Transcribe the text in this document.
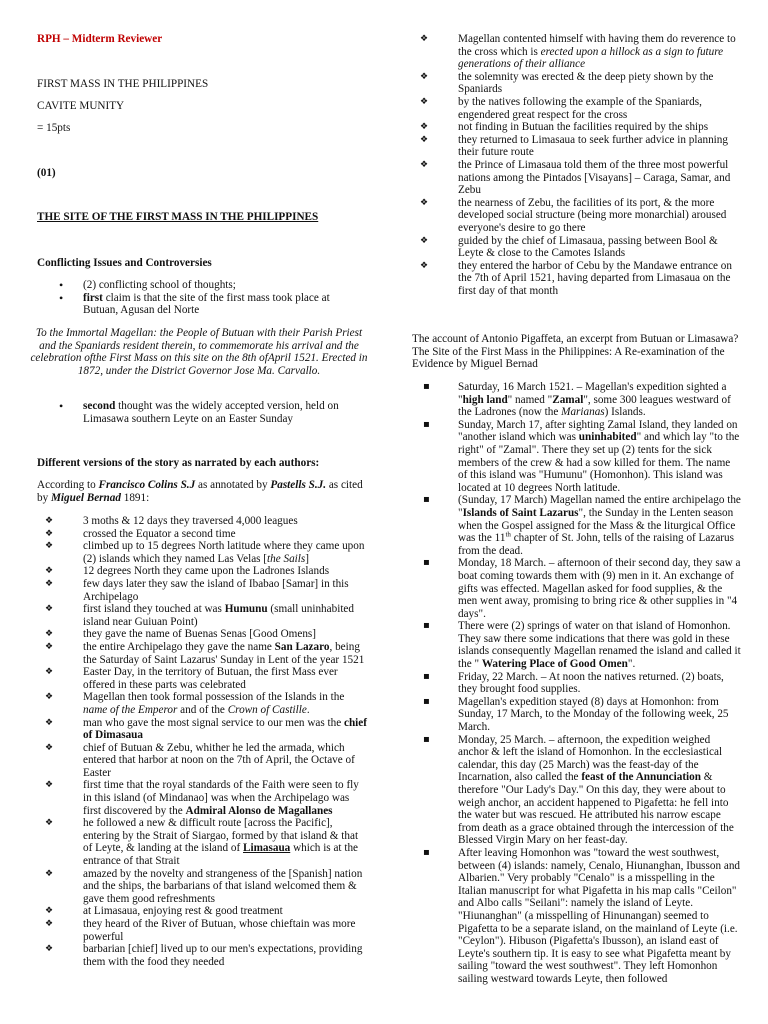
RPH – Midterm Reviewer

FIRST MASS IN THE PHILIPPINES

CAVITE MUNITY

= 15pts

(01)

THE SITE OF THE FIRST MASS IN THE PHILIPPINES

Conflicting Issues and Controversies

• (2) conflicting school of thoughts;
• first claim is that the site of the first mass took place at Butuan, Agusan del Norte

To the Immortal Magellan: the People of Butuan with their Parish Priest and the Spaniards resident therein, to commemorate his arrival and the celebration ofthe First Mass on this site on the 8th ofApril 1521. Erected in 1872, under the District Governor Jose Ma. Carvallo.

• second thought was the widely accepted version, held on Limasawa southern Leyte on an Easter Sunday

Different versions of the story as narrated by each authors:

According to Francisco Colins S.J as annotated by Pastells S.J. as cited by Miguel Bernad 1891:

❖ 3 moths & 12 days they traversed 4,000 leagues
❖ crossed the Equator a second time
❖ climbed up to 15 degrees North latitude where they came upon (2) islands which they named Las Velas [the Sails]
❖ 12 degrees North they came upon the Ladrones Islands
❖ few days later they saw the island of Ibabao [Samar] in this Archipelago
❖ first island they touched at was Humunu (small uninhabited island near Guiuan Point)
❖ they gave the name of Buenas Senas [Good Omens]
❖ the entire Archipelago they gave the name San Lazaro, being the Saturday of Saint Lazarus' Sunday in Lent of the year 1521
❖ Easter Day, in the territory of Butuan, the first Mass ever offered in these parts was celebrated
❖ Magellan then took formal possession of the Islands in the name of the Emperor and of the Crown of Castille.
❖ man who gave the most signal service to our men was the chief of Dimasaua
❖ chief of Butuan & Zebu, whither he led the armada, which entered that harbor at noon on the 7th of April, the Octave of Easter
❖ first time that the royal standards of the Faith were seen to fly in this island (of Mindanao] was when the Archipelago was first discovered by the Admiral Alonso de Magallanes
❖ he followed a new & difficult route [across the Pacific], entering by the Strait of Siargao, formed by that island & that of Leyte, & landing at the island of Limasaua which is at the entrance of that Strait
❖ amazed by the novelty and strangeness of the [Spanish] nation and the ships, the barbarians of that island welcomed them & gave them good refreshments
❖ at Limasaua, enjoying rest & good treatment
❖ they heard of the River of Butuan, whose chieftain was more powerful
❖ barbarian [chief] lived up to our men's expectations, providing them with the food they needed
❖ Magellan contented himself with having them do reverence to the cross which is erected upon a hillock as a sign to future generations of their alliance
❖ the solemnity was erected & the deep piety shown by the Spaniards
❖ by the natives following the example of the Spaniards, engendered great respect for the cross
❖ not finding in Butuan the facilities required by the ships
❖ they returned to Limasaua to seek further advice in planning their future route
❖ the Prince of Limasaua told them of the three most powerful nations among the Pintados [Visayans] – Caraga, Samar, and Zebu
❖ the nearness of Zebu, the facilities of its port, & the more developed social structure (being more monarchial) aroused everyone's desire to go there
❖ guided by the chief of Limasaua, passing between Bool & Leyte & close to the Camotes Islands
❖ they entered the harbor of Cebu by the Mandawe entrance on the 7th of April 1521, having departed from Limasaua on the first day of that month

The account of Antonio Pigaffeta, an excerpt from Butuan or Limasawa? The Site of the First Mass in the Philippines: A Re-examination of the Evidence by Miguel Bernad

▪ Saturday, 16 March 1521. – Magellan's expedition sighted a "high land" named "Zamal", some 300 leagues westward of the Ladrones (now the Marianas) Islands.
▪ Sunday, March 17, after sighting Zamal Island, they landed on "another island which was uninhabited" and which lay "to the right" of "Zamal". There they set up (2) tents for the sick members of the crew & had a sow killed for them. The name of this island was "Humunu" (Homonhon). This island was located at 10 degrees North latitude.
▪ (Sunday, 17 March) Magellan named the entire archipelago the "Islands of Saint Lazarus", the Sunday in the Lenten season when the Gospel assigned for the Mass & the liturgical Office was the 11th chapter of St. John, tells of the raising of Lazarus from the dead.
▪ Monday, 18 March. – afternoon of their second day, they saw a boat coming towards them with (9) men in it. An exchange of gifts was effected. Magellan asked for food supplies, & the men went away, promising to bring rice & other supplies in "4 days".
▪ There were (2) springs of water on that island of Homonhon. They saw there some indications that there was gold in these islands consequently Magellan renamed the island and called it the " Watering Place of Good Omen".
▪ Friday, 22 March. – At noon the natives returned. (2) boats, they brought food supplies.
▪ Magellan's expedition stayed (8) days at Homonhon: from Sunday, 17 March, to the Monday of the following week, 25 March.
▪ Monday, 25 March. – afternoon, the expedition weighed anchor & left the island of Homonhon. In the ecclesiastical calendar, this day (25 March) was the feast-day of the Incarnation, also called the feast of the Annunciation & therefore "Our Lady's Day." On this day, they were about to weigh anchor, an accident happened to Pigafetta: he fell into the water but was rescued. He attributed his narrow escape from death as a grace obtained through the intercession of the Blessed Virgin Mary on her feast-day.
▪ After leaving Homonhon was "toward the west southwest, between (4) islands: namely, Cenalo, Hiunanghan, Ibusson and Albarien." Very probably "Cenalo" is a misspelling in the Italian manuscript for what Pigafetta in his map calls "Ceilon" and Albo calls "Seilani": namely the island of Leyte. "Hiunanghan" (a misspelling of Hinunangan) seemed to Pigafetta to be a separate island, on the mainland of Leyte (i.e. "Ceylon"). Hibuson (Pigafetta's Ibusson), an island east of Leyte's southern tip. It is easy to see what Pigafetta meant by sailing "toward the west southwest". They left Homonhon sailing westward towards Leyte, then followed
